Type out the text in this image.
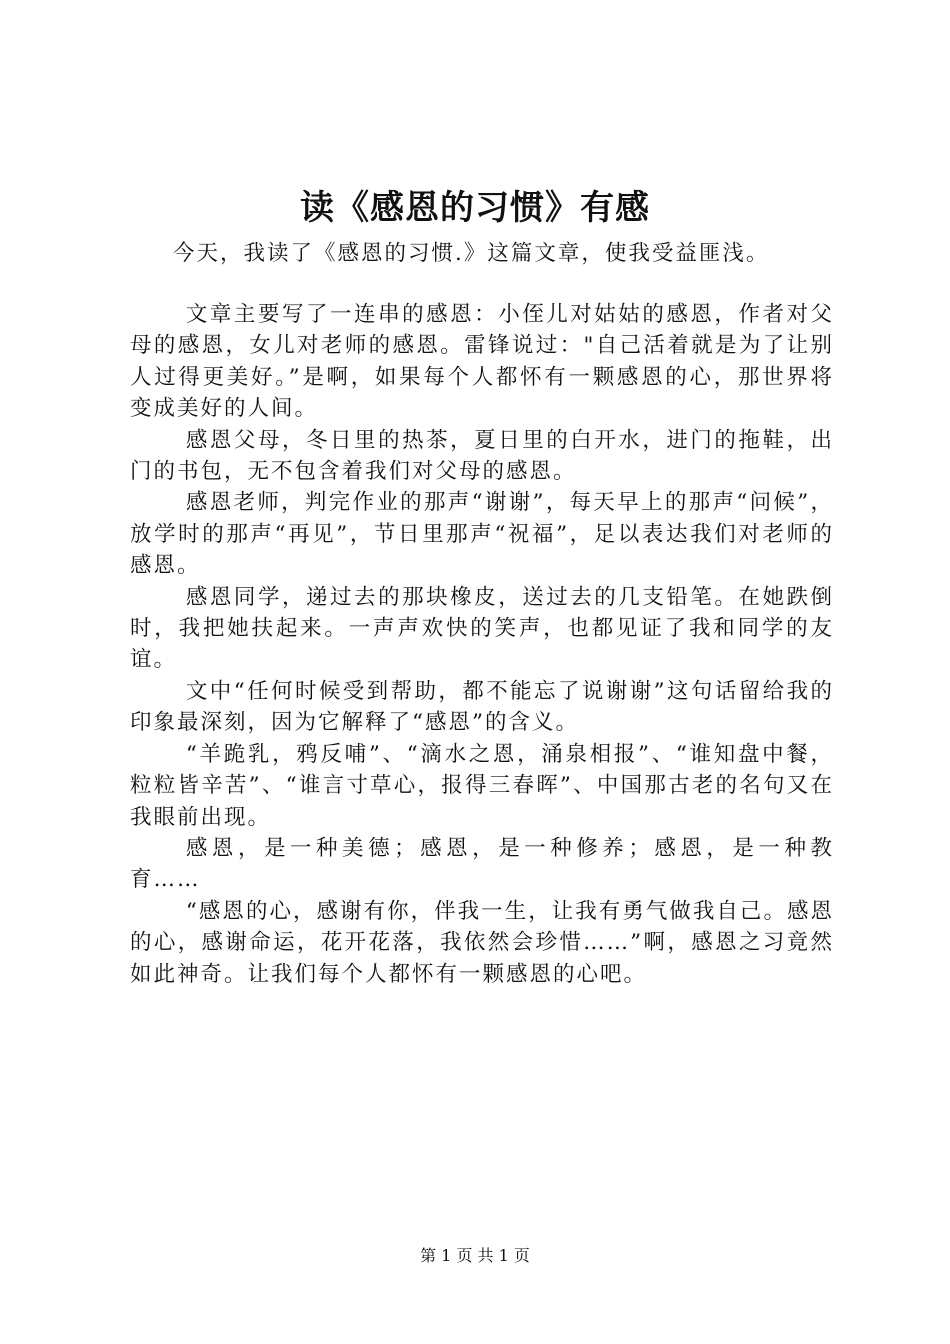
读《感恩的习惯》有感

今天，我读了《感恩的习惯.》这篇文章，使我受益匪浅。

文章主要写了一连串的感恩：小侄儿对姑姑的感恩，作者对父母的感恩，女儿对老师的感恩。雷锋说过："自己活着就是为了让别人过得更美好。”是啊，如果每个人都怀有一颗感恩的心，那世界将变成美好的人间。

感恩父母，冬日里的热茶，夏日里的白开水，进门的拖鞋，出门的书包，无不包含着我们对父母的感恩。

感恩老师，判完作业的那声“谢谢”，每天早上的那声“问候”，放学时的那声“再见”，节日里那声“祝福”，足以表达我们对老师的感恩。

感恩同学，递过去的那块橡皮，送过去的几支铅笔。在她跌倒时，我把她扶起来。一声声欢快的笑声，也都见证了我和同学的友谊。

文中“任何时候受到帮助，都不能忘了说谢谢”这句话留给我的印象最深刻，因为它解释了“感恩”的含义。

“羊跪乳，鸦反哺”、“滴水之恩，涌泉相报”、“谁知盘中餐，粒粒皆辛苦”、“谁言寸草心，报得三春晖”、中国那古老的名句又在我眼前出现。

感恩，是一种美德；感恩，是一种修养；感恩，是一种教育……

“感恩的心，感谢有你，伴我一生，让我有勇气做我自己。感恩的心，感谢命运，花开花落，我依然会珍惜……”啊，感恩之习竟然如此神奇。让我们每个人都怀有一颗感恩的心吧。

第 1 页 共 1 页
